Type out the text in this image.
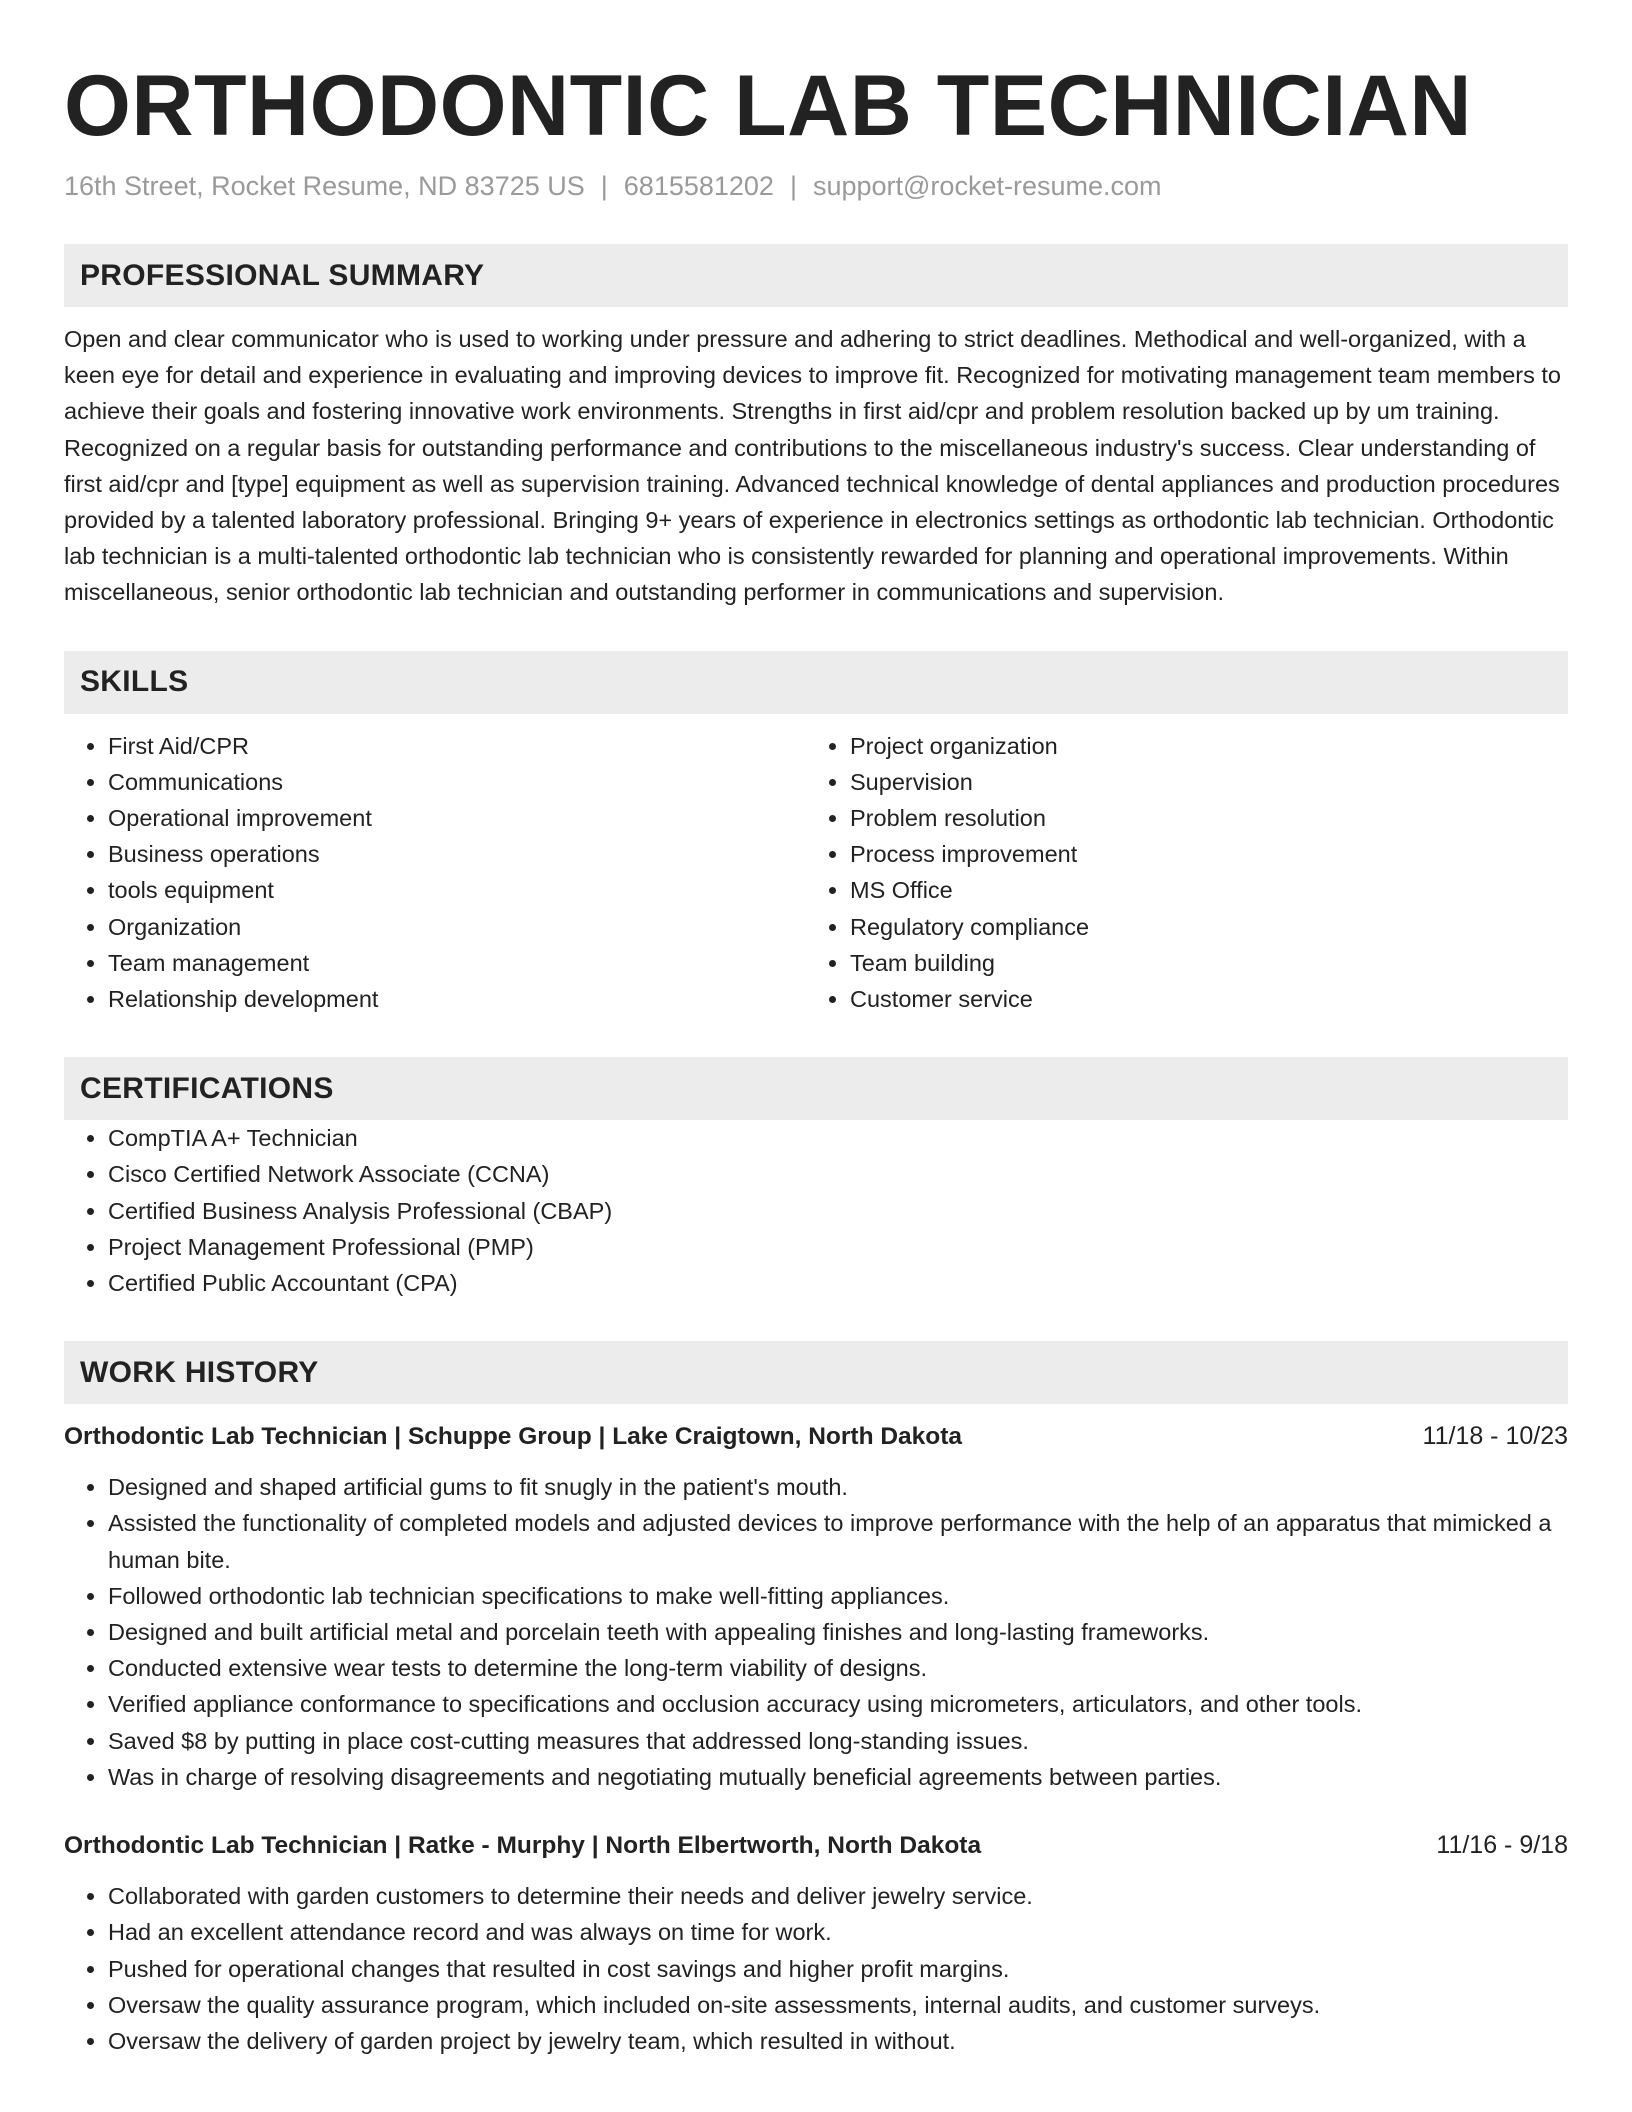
ORTHODONTIC LAB TECHNICIAN
16th Street, Rocket Resume, ND 83725 US | 6815581202 | support@rocket-resume.com
PROFESSIONAL SUMMARY

Open and clear communicator who is used to working under pressure and adhering to strict deadlines. Methodical and well-organized, with a keen eye for detail and experience in evaluating and improving devices to improve fit. Recognized for motivating management team members to achieve their goals and fostering innovative work environments. Strengths in first aid/cpr and problem resolution backed up by um training. Recognized on a regular basis for outstanding performance and contributions to the miscellaneous industry's success. Clear understanding of first aid/cpr and [type] equipment as well as supervision training. Advanced technical knowledge of dental appliances and production procedures provided by a talented laboratory professional. Bringing 9+ years of experience in electronics settings as orthodontic lab technician. Orthodontic lab technician is a multi-talented orthodontic lab technician who is consistently rewarded for planning and operational improvements. Within miscellaneous, senior orthodontic lab technician and outstanding performer in communications and supervision.

SKILLS
• First Aid/CPR
• Communications
• Operational improvement
• Business operations
• tools equipment
• Organization
• Team management
• Relationship development
• Project organization
• Supervision
• Problem resolution
• Process improvement
• MS Office
• Regulatory compliance
• Team building
• Customer service
CERTIFICATIONS
• CompTIA A+ Technician
• Cisco Certified Network Associate (CCNA)
• Certified Business Analysis Professional (CBAP)
• Project Management Professional (PMP)
• Certified Public Accountant (CPA)
WORK HISTORY
Orthodontic Lab Technician | Schuppe Group | Lake Craigtown, North Dakota	11/18 - 10/23
• Designed and shaped artificial gums to fit snugly in the patient's mouth.
• Assisted the functionality of completed models and adjusted devices to improve performance with the help of an apparatus that mimicked a human bite.
• Followed orthodontic lab technician specifications to make well-fitting appliances.
• Designed and built artificial metal and porcelain teeth with appealing finishes and long-lasting frameworks.
• Conducted extensive wear tests to determine the long-term viability of designs.
• Verified appliance conformance to specifications and occlusion accuracy using micrometers, articulators, and other tools.
• Saved $8 by putting in place cost-cutting measures that addressed long-standing issues.
• Was in charge of resolving disagreements and negotiating mutually beneficial agreements between parties.
Orthodontic Lab Technician | Ratke - Murphy | North Elbertworth, North Dakota	11/16 - 9/18
• Collaborated with garden customers to determine their needs and deliver jewelry service.
• Had an excellent attendance record and was always on time for work.
• Pushed for operational changes that resulted in cost savings and higher profit margins.
• Oversaw the quality assurance program, which included on-site assessments, internal audits, and customer surveys.
• Oversaw the delivery of garden project by jewelry team, which resulted in without.
